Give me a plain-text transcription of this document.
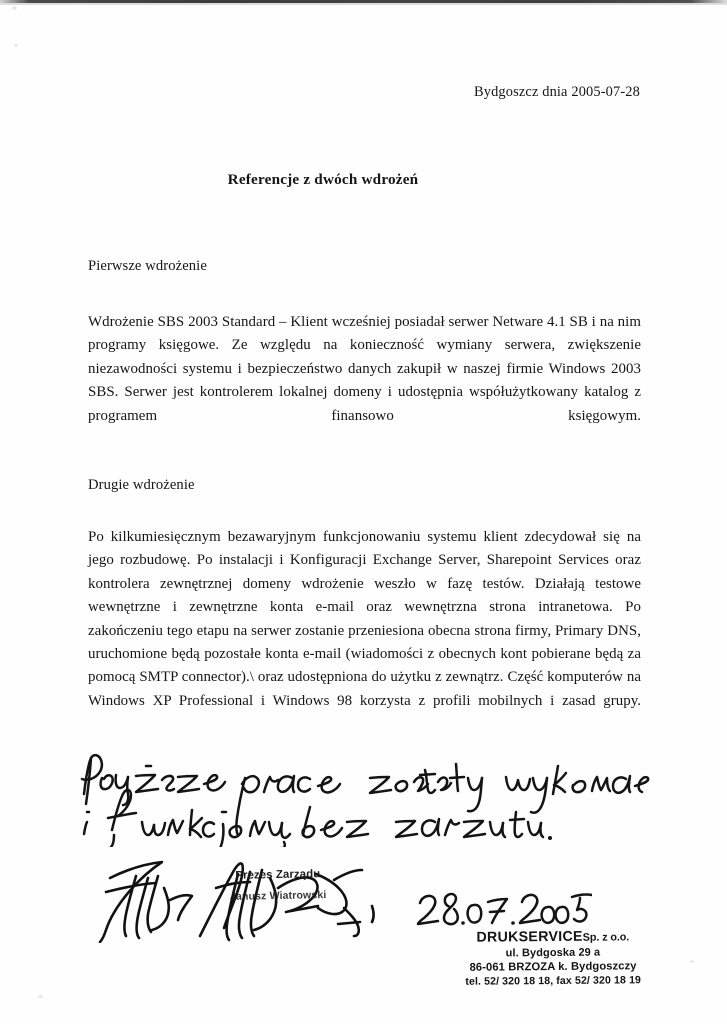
Bydgoszcz dnia 2005-07-28
Referencje z dwóch wdrożeń
Pierwsze wdrożenie
Wdrożenie SBS 2003 Standard – Klient wcześniej posiadał serwer Netware 4.1 SB i na nim programy księgowe. Ze względu na konieczność wymiany serwera, zwiększenie niezawodności systemu i bezpieczeństwo danych zakupił w naszej firmie Windows 2003 SBS. Serwer jest kontrolerem lokalnej domeny i udostępnia współużytkowany katalog z programem finansowo księgowym.
Drugie wdrożenie
Po kilkumiesięcznym bezawaryjnym funkcjonowaniu systemu klient zdecydował się na jego rozbudowę. Po instalacji i Konfiguracji Exchange Server, Sharepoint Services oraz kontrolera zewnętrznej domeny wdrożenie weszło w fazę testów. Działają testowe wewnętrzne i zewnętrzne konta e-mail oraz wewnętrzna strona intranetowa. Po zakończeniu tego etapu na serwer zostanie przeniesiona obecna strona firmy, Primary DNS, uruchomione będą pozostałe konta e-mail (wiadomości z obecnych kont pobierane będą za pomocą SMTP connector).\ oraz udostępniona do użytku z zewnątrz. Część komputerów na Windows XP Professional i Windows 98 korzysta z profili mobilnych i zasad grupy.
Prezes Zarządu
Janusz Wiatrowski
DRUKSERVICESp. z o.o.
ul. Bydgoska 29 a
86-061 BRZOZA k. Bydgoszczy
tel. 52/ 320 18 18, fax 52/ 320 18 19
